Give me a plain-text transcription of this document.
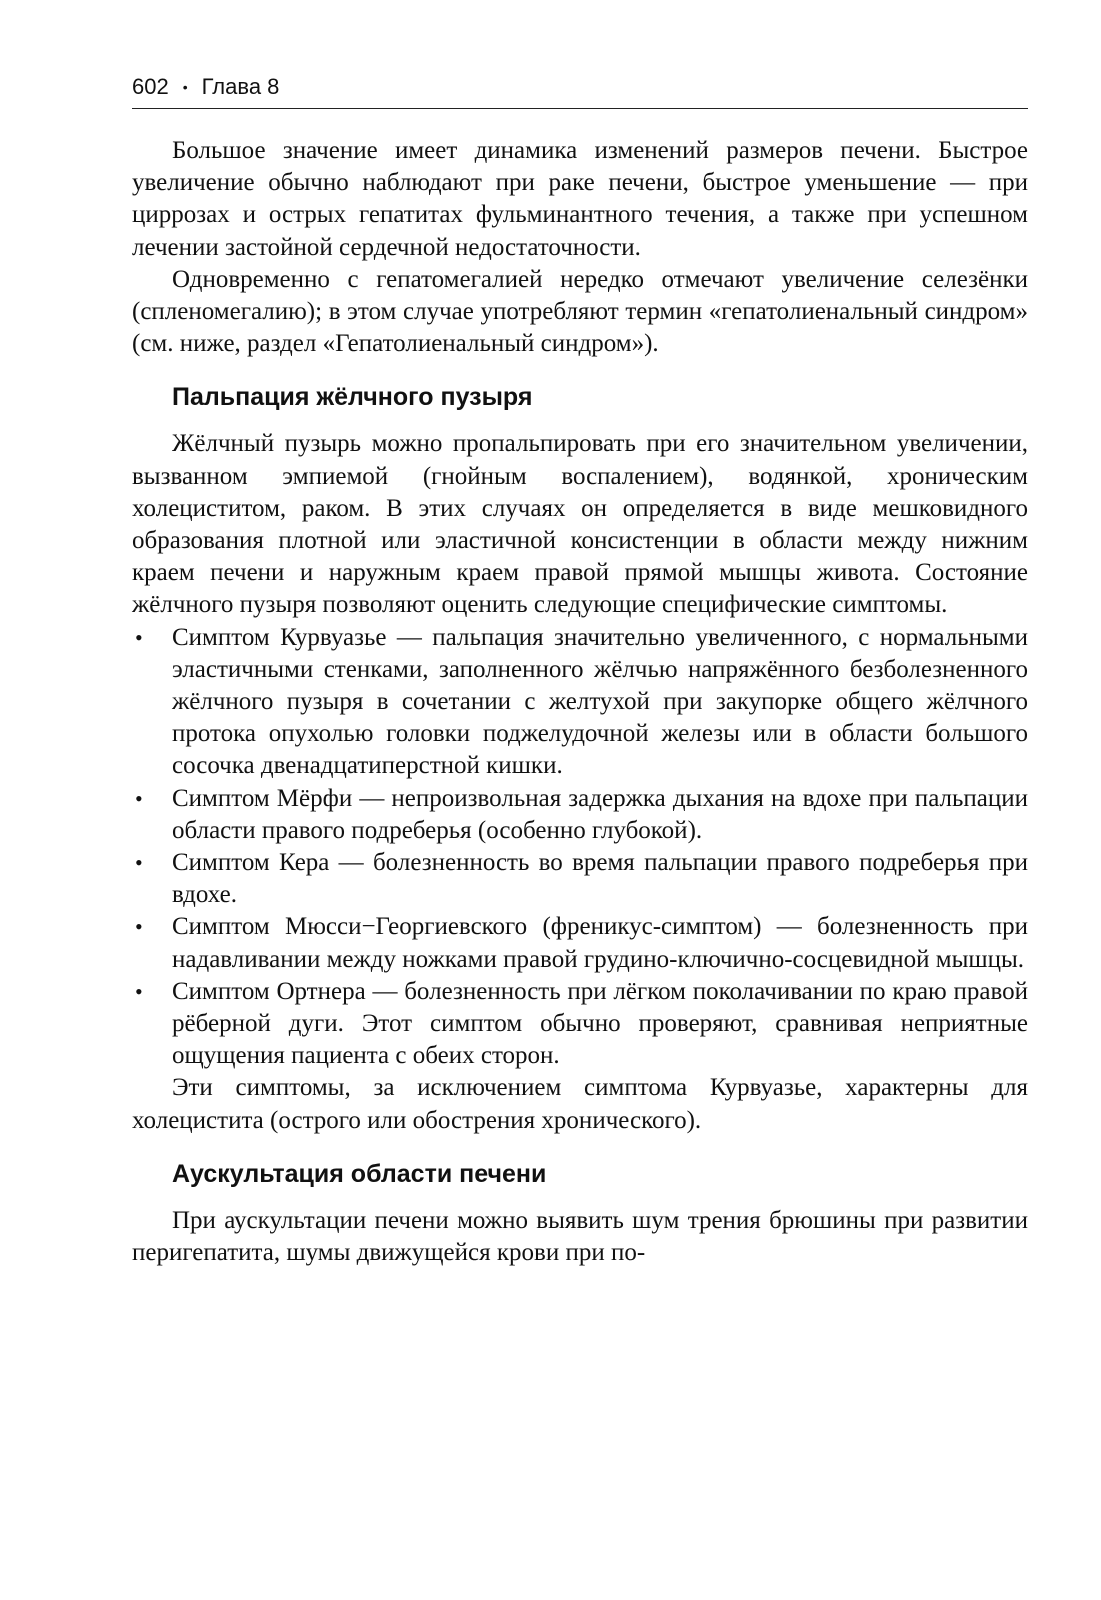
602 • Глава 8

Большое значение имеет динамика изменений размеров печени. Быстрое увеличение обычно наблюдают при раке печени, быстрое уменьшение — при циррозах и острых гепатитах фульминантного течения, а также при успешном лечении застойной сердечной недостаточности.

Одновременно с гепатомегалией нередко отмечают увеличение селезёнки (спленомегалию); в этом случае употребляют термин «гепатолиенальный синдром» (см. ниже, раздел «Гепатолиенальный синдром»).

Пальпация жёлчного пузыря

Жёлчный пузырь можно пропальпировать при его значительном увеличении, вызванном эмпиемой (гнойным воспалением), водянкой, хроническим холециститом, раком. В этих случаях он определяется в виде мешковидного образования плотной или эластичной консистенции в области между нижним краем печени и наружным краем правой прямой мышцы живота. Состояние жёлчного пузыря позволяют оценить следующие специфические симптомы.

• Симптом Курвуазье — пальпация значительно увеличенного, с нормальными эластичными стенками, заполненного жёлчью напряжённого безболезненного жёлчного пузыря в сочетании с желтухой при закупорке общего жёлчного протока опухолью головки поджелудочной железы или в области большого сосочка двенадцатиперстной кишки.
• Симптом Мёрфи — непроизвольная задержка дыхания на вдохе при пальпации области правого подреберья (особенно глубокой).
• Симптом Кера — болезненность во время пальпации правого подреберья при вдохе.
• Симптом Мюсси−Георгиевского (френикус-симптом) — болезненность при надавливании между ножками правой грудино-ключично-сосцевидной мышцы.
• Симптом Ортнера — болезненность при лёгком поколачивании по краю правой рёберной дуги. Этот симптом обычно проверяют, сравнивая неприятные ощущения пациента с обеих сторон.

Эти симптомы, за исключением симптома Курвуазье, характерны для холецистита (острого или обострения хронического).

Аускультация области печени

При аускультации печени можно выявить шум трения брюшины при развитии перигепатита, шумы движущейся крови при по-
